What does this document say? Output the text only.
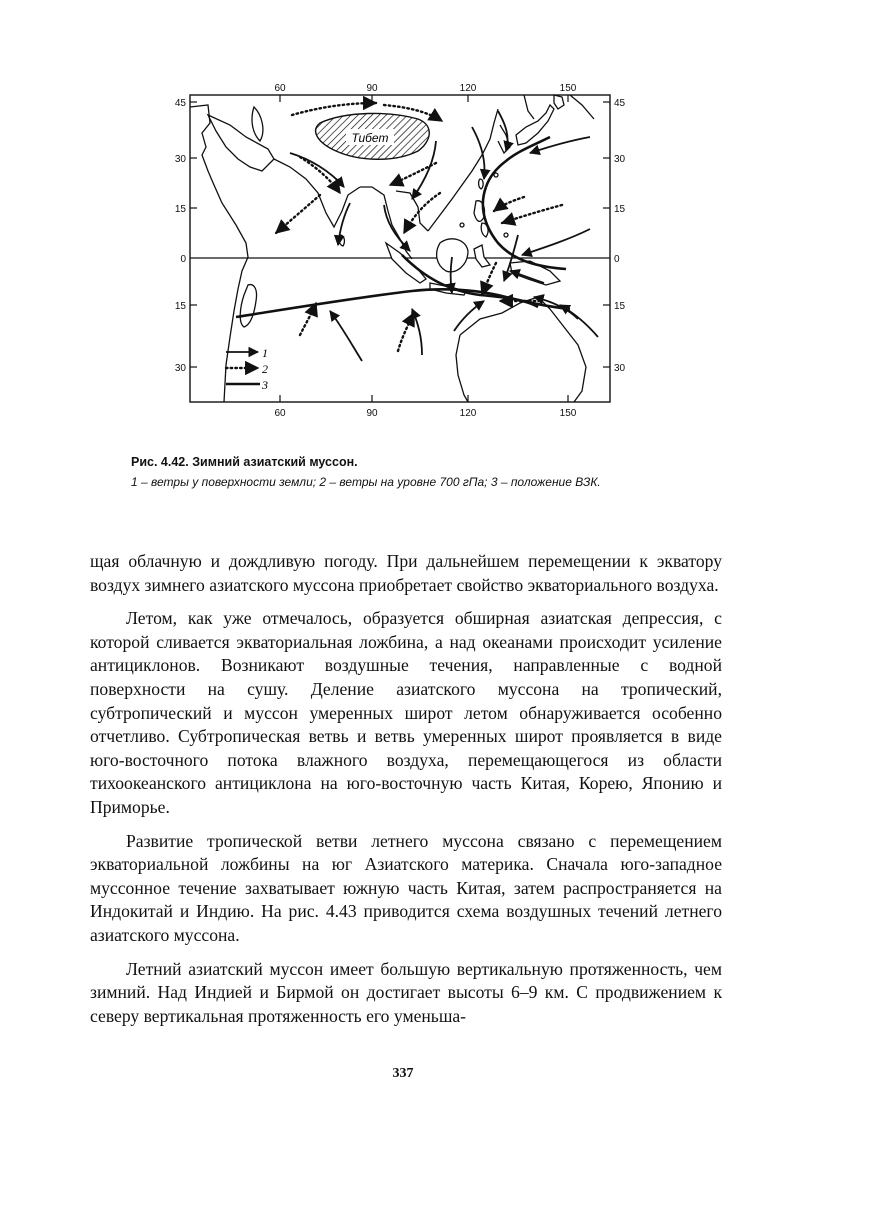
60	90	120	150
60	90	120	150
45
30
15
0
15
30
45
30
15
0
15
30
Тибет
1
2
3
Рис. 4.42. Зимний азиатский муссон.
1 – ветры у поверхности земли; 2 – ветры на уровне 700 гПа; 3 – положение ВЗК.

щая облачную и дождливую погоду. При дальнейшем перемещении к экватору воздух зимнего азиатского муссона приобретает свойство экваториального воздуха.

Летом, как уже отмечалось, образуется обширная азиатская депрессия, с которой сливается экваториальная ложбина, а над океанами происходит усиление антициклонов. Возникают воздушные течения, направленные с водной поверхности на сушу. Деление азиатского муссона на тропический, субтропический и муссон умеренных широт летом обнаруживается особенно отчетливо. Субтропическая ветвь и ветвь умеренных широт проявляется в виде юго-восточного потока влажного воздуха, перемещающегося из области тихоокеанского антициклона на юго-восточную часть Китая, Корею, Японию и Приморье.

Развитие тропической ветви летнего муссона связано с перемещением экваториальной ложбины на юг Азиатского материка. Сначала юго-западное муссонное течение захватывает южную часть Китая, затем распространяется на Индокитай и Индию. На рис. 4.43 приводится схема воздушных течений летнего азиатского муссона.

Летний азиатский муссон имеет большую вертикальную протяженность, чем зимний. Над Индией и Бирмой он достигает высоты 6–9 км. С продвижением к северу вертикальная протяженность его уменьша-

337
